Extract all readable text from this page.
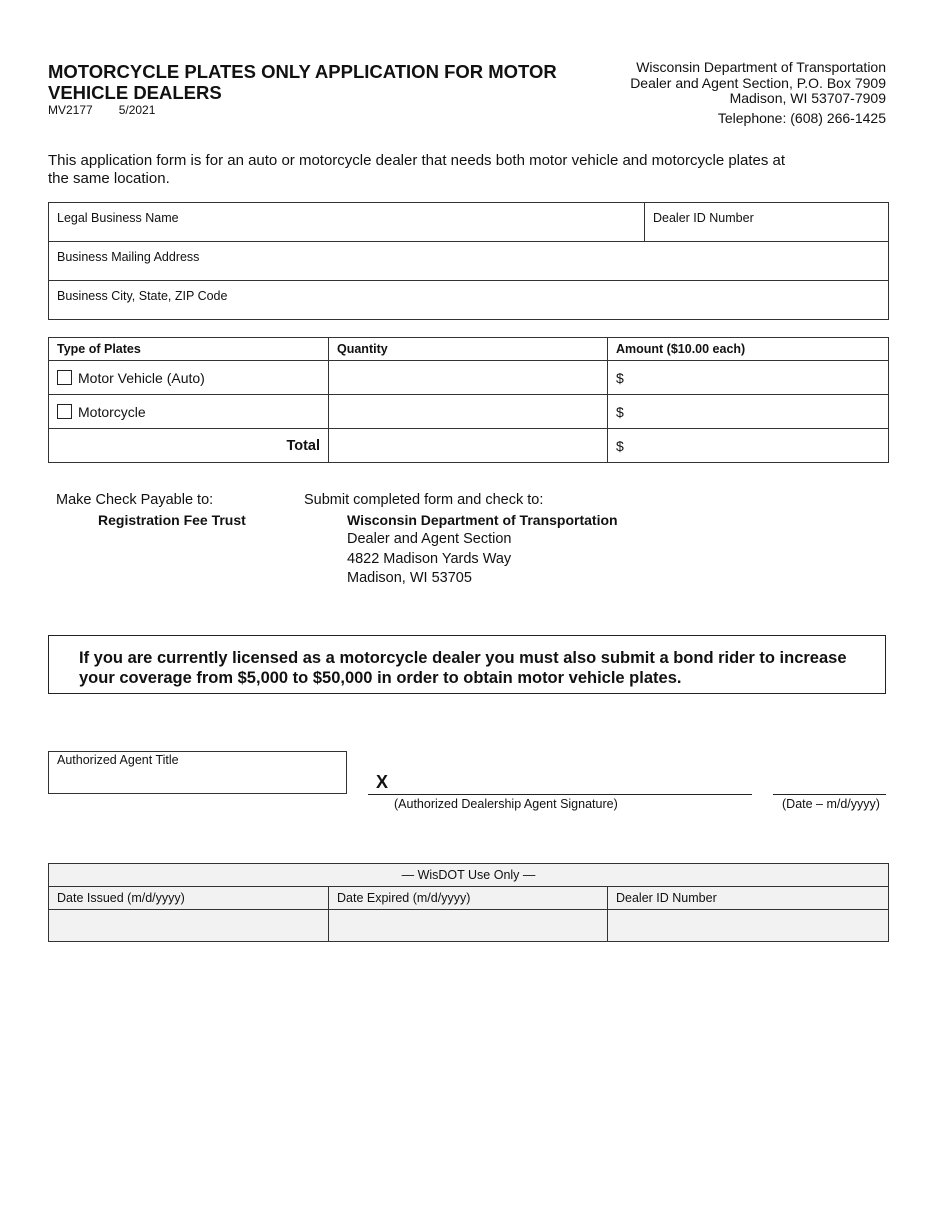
MOTORCYCLE PLATES ONLY APPLICATION FOR MOTOR VEHICLE DEALERS
MV2177 5/2021
Wisconsin Department of Transportation
Dealer and Agent Section, P.O. Box 7909
Madison, WI 53707-7909
Telephone: (608) 266-1425
This application form is for an auto or motorcycle dealer that needs both motor vehicle and motorcycle plates at the same location.
Legal Business Name	Dealer ID Number

Business Mailing Address

Business City, State, ZIP Code
Type of Plates	Quantity	Amount ($10.00 each)
Motor Vehicle (Auto)		$
Motorcycle		$
Total		$
Make Check Payable to:
Registration Fee Trust
Submit completed form and check to:
Wisconsin Department of Transportation
Dealer and Agent Section
4822 Madison Yards Way
Madison, WI 53705
If you are currently licensed as a motorcycle dealer you must also submit a bond rider to increase your coverage from $5,000 to $50,000 in order to obtain motor vehicle plates.
Authorized Agent Title
X
(Authorized Dealership Agent Signature)	(Date – m/d/yyyy)
— WisDOT Use Only —		
Date Issued (m/d/yyyy)	Date Expired (m/d/yyyy)	Dealer ID Number
